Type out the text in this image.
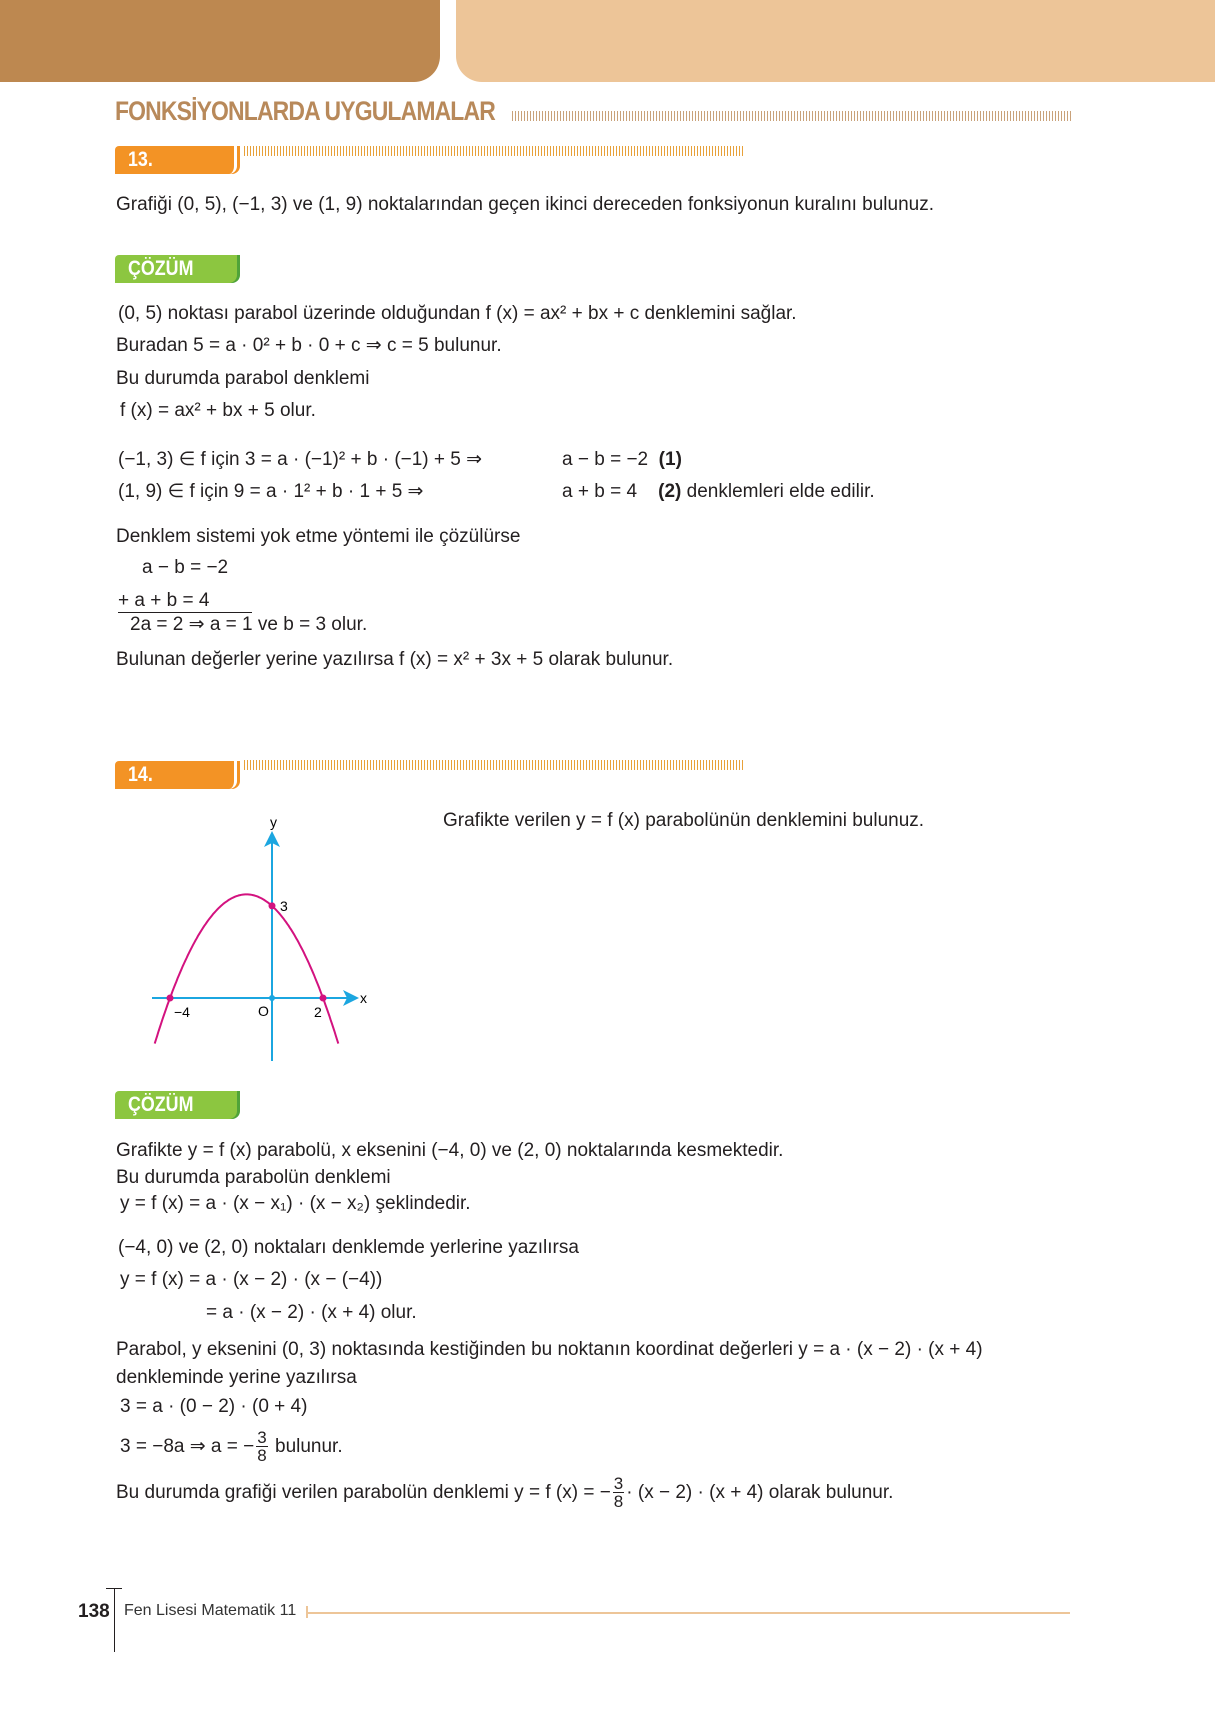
FONKSİYONLARDA UYGULAMALAR
13. ÖRNEK
Grafiği (0, 5), (−1, 3) ve (1, 9) noktalarından geçen ikinci dereceden fonksiyonun kuralını bulunuz.
ÇÖZÜM
(0, 5) noktası parabol üzerinde olduğundan f (x) = ax² + bx + c denklemini sağlar.
Buradan 5 = a · 0² + b · 0 + c ⇒ c = 5 bulunur.
Bu durumda parabol denklemi
f (x) = ax² + bx + 5 olur.
(−1, 3) ∈ f için 3 = a · (−1)² + b · (−1) + 5 ⇒	a − b = −2 (1)
(1, 9) ∈ f için 9 = a · 1² + b · 1 + 5 ⇒	a + b = 4 (2) denklemleri elde edilir.
Denklem sistemi yok etme yöntemi ile çözülürse
a − b = −2
+ a + b = 4
2a = 2 ⇒ a = 1 ve b = 3 olur.
Bulunan değerler yerine yazılırsa f (x) = x² + 3x + 5 olarak bulunur.
14. ÖRNEK
Grafikte verilen y = f (x) parabolünün denklemini bulunuz.
y
x
O
−4	2
3
ÇÖZÜM
Grafikte y = f (x) parabolü, x eksenini (−4, 0) ve (2, 0) noktalarında kesmektedir.
Bu durumda parabolün denklemi
y = f (x) = a · (x − x₁) · (x − x₂) şeklindedir.
(−4, 0) ve (2, 0) noktaları denklemde yerlerine yazılırsa
y = f (x) = a · (x − 2) · (x − (−4))
= a · (x − 2) · (x + 4) olur.
Parabol, y eksenini (0, 3) noktasında kestiğinden bu noktanın koordinat değerleri y = a · (x − 2) · (x + 4)
denkleminde yerine yazılırsa
3 = a · (0 − 2) · (0 + 4)
3 = −8a ⇒ a = − $\frac{3}{8}$ bulunur.
Bu durumda grafiği verilen parabolün denklemi y = f (x) = − $\frac{3}{8} \cdot (x - 2) \cdot (x + 4)$ olarak bulunur.
138 Fen Lisesi Matematik 11
